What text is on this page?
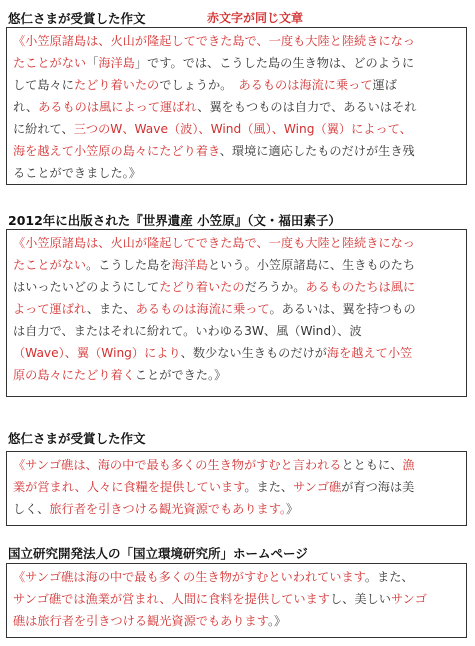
悠仁さまが受賞した作文	赤文字が同じ文章
《小笠原諸島は、火山が隆起してできた島で、一度も大陸と陸続きになっ
たことがない「海洋島」です。では、こうした島の生き物は、どのように
して島々にたどり着いたのでしょうか。　あるものは海流に乗って運ば
れ、あるものは風によって運ばれ、翼をもつものは自力で、あるいはそれ
に紛れて、三つのW、Wave（波）、Wind（風）、Wing（翼）によって、
海を越えて小笠原の島々にたどり着き、環境に適応したものだけが生き残
ることができました。》
2012年に出版された『世界遺産 小笠原』（文・福田素子）
《小笠原諸島は、火山が隆起してできた島で、一度も大陸と陸続きになっ
たことがない。こうした島を海洋島という。小笠原諸島に、生きものたち
はいったいどのようにしてたどり着いたのだろうか。あるものたちは風に
よって運ばれ、また、あるものは海流に乗って。あるいは、翼を持つもの
は自力で、またはそれに紛れて。いわゆる3W、風（Wind）、波
（Wave）、翼（Wing）により、数少ない生きものだけが海を越えて小笠
原の島々にたどり着くことができた。》
悠仁さまが受賞した作文
《サンゴ礁は、海の中で最も多くの生き物がすむと言われるとともに、漁
業が営まれ、人々に食糧を提供しています。また、サンゴ礁が育つ海は美
しく、旅行者を引きつける観光資源でもあります。》
国立研究開発法人の「国立環境研究所」ホームページ
《サンゴ礁は海の中で最も多くの生き物がすむといわれています。また、
サンゴ礁では漁業が営まれ、人間に食料を提供していますし、美しいサンゴ
礁は旅行者を引きつける観光資源でもあります。》
